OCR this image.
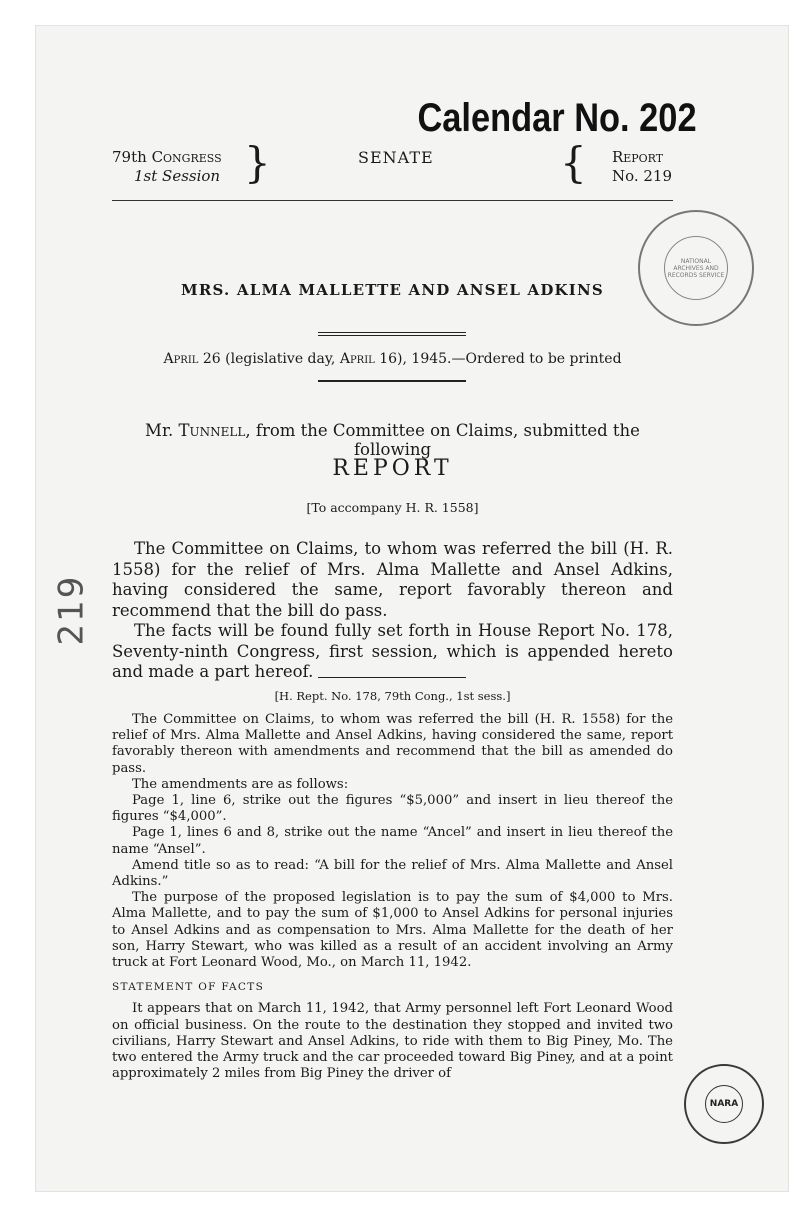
219
Calendar No. 202
79th Congress
1st Session }	SENATE	{ Report
No. 219
NATIONAL ARCHIVES AND RECORDS SERVICE
MRS. ALMA MALLETTE AND ANSEL ADKINS
April 26 (legislative day, April 16), 1945.—Ordered to be printed
Mr. Tunnell, from the Committee on Claims, submitted the following
REPORT
[To accompany H. R. 1558]

The Committee on Claims, to whom was referred the bill (H. R. 1558) for the relief of Mrs. Alma Mallette and Ansel Adkins, having considered the same, report favorably thereon and recommend that the bill do pass.

The facts will be found fully set forth in House Report No. 178, Seventy-ninth Congress, first session, which is appended hereto and made a part hereof.

[H. Rept. No. 178, 79th Cong., 1st sess.]

The Committee on Claims, to whom was referred the bill (H. R. 1558) for the relief of Mrs. Alma Mallette and Ansel Adkins, having considered the same, report favorably thereon with amendments and recommend that the bill as amended do pass.

The amendments are as follows:

Page 1, line 6, strike out the figures “$5,000” and insert in lieu thereof the figures “$4,000”.

Page 1, lines 6 and 8, strike out the name “Ancel” and insert in lieu thereof the name “Ansel”.

Amend title so as to read: “A bill for the relief of Mrs. Alma Mallette and Ansel Adkins.”

The purpose of the proposed legislation is to pay the sum of $4,000 to Mrs. Alma Mallette, and to pay the sum of $1,000 to Ansel Adkins for personal injuries to Ansel Adkins and as compensation to Mrs. Alma Mallette for the death of her son, Harry Stewart, who was killed as a result of an accident involving an Army truck at Fort Leonard Wood, Mo., on March 11, 1942.

STATEMENT OF FACTS

It appears that on March 11, 1942, that Army personnel left Fort Leonard Wood on official business. On the route to the destination they stopped and invited two civilians, Harry Stewart and Ansel Adkins, to ride with them to Big Piney, Mo. The two entered the Army truck and the car proceeded toward Big Piney, and at a point approximately 2 miles from Big Piney the driver of

NARA
